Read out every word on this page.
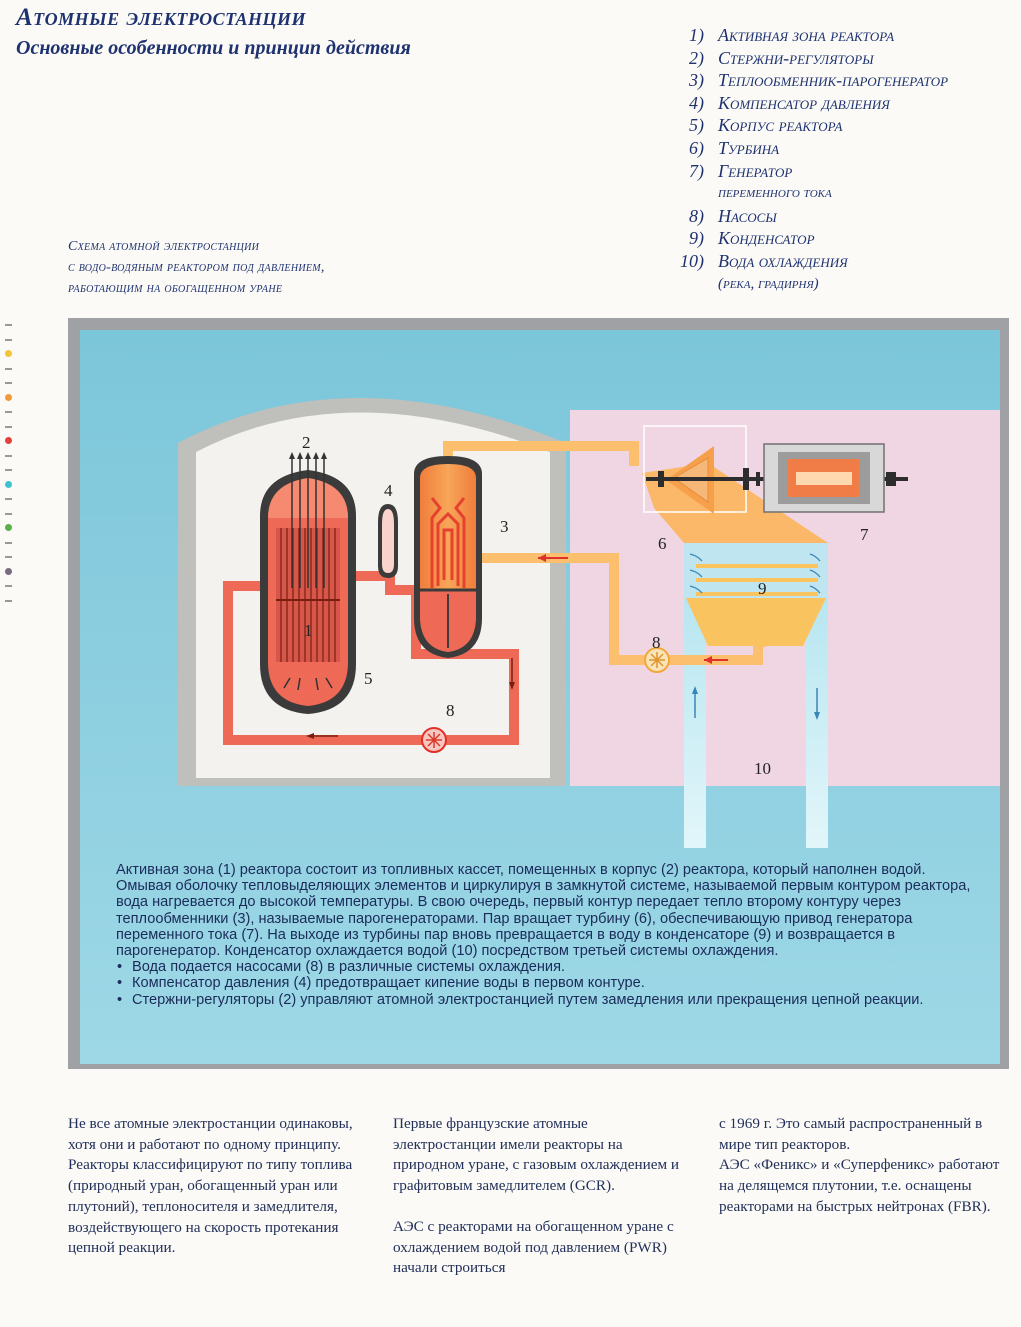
Атомные электростанции
Основные особенности и принцип действия
1) Активная зона реактора
2) Стержни-регуляторы
3) Теплообменник-парогенератор
4) Компенсатор давления
5) Корпус реактора
6) Турбина
7) Генератор
переменного тока
8) Насосы
9) Конденсатор
10) Вода охлаждения
(река, градирня)
Схема атомной электростанции
с водо-водяным реактором под давлением,
работающим на обогащенном уране
1
2
3
4
5
6	7
8
8
9
10

Активная зона (1) реактора состоит из топливных кассет, помещенных в корпус (2) реактора, который наполнен водой. Омывая оболочку тепловыделяющих элементов и циркулируя в замкнутой системе, называемой первым контуром реактора, вода нагревается до высокой температуры. В свою очередь, первый контур передает тепло второму контуру через теплообменники (3), называемые парогенераторами. Пар вращает турбину (6), обеспечивающую привод генератора переменного тока (7). На выходе из турбины пар вновь превращается в воду в конденсаторе (9) и возвращается в парогенератор. Конденсатор охлаждается водой (10) посредством третьей системы охлаждения.

• Вода подается насосами (8) в различные системы охлаждения.
• Компенсатор давления (4) предотвращает кипение воды в первом контуре.
• Стержни-регуляторы (2) управляют атомной электростанцией путем замедления или прекращения цепной реакции.

Не все атомные электростанции одинаковы, хотя они и работают по одному принципу. Реакторы классифицируют по типу топлива (природный уран, обогащенный уран или плутоний), теплоносителя и замедлителя, воздействующего на скорость протекания цепной реакции.

Первые французские атомные электростанции имели реакторы на природном уране, с газовым охлаждением и графитовым замедлителем (GCR).

АЭС с реакторами на обогащенном уране с охлаждением водой под давлением (PWR) начали строиться

с 1969 г. Это самый распространенный в мире тип реакторов.

АЭС «Феникс» и «Суперфеникс» работают на делящемся плутонии, т.е. оснащены реакторами на быстрых нейтронах (FBR).
